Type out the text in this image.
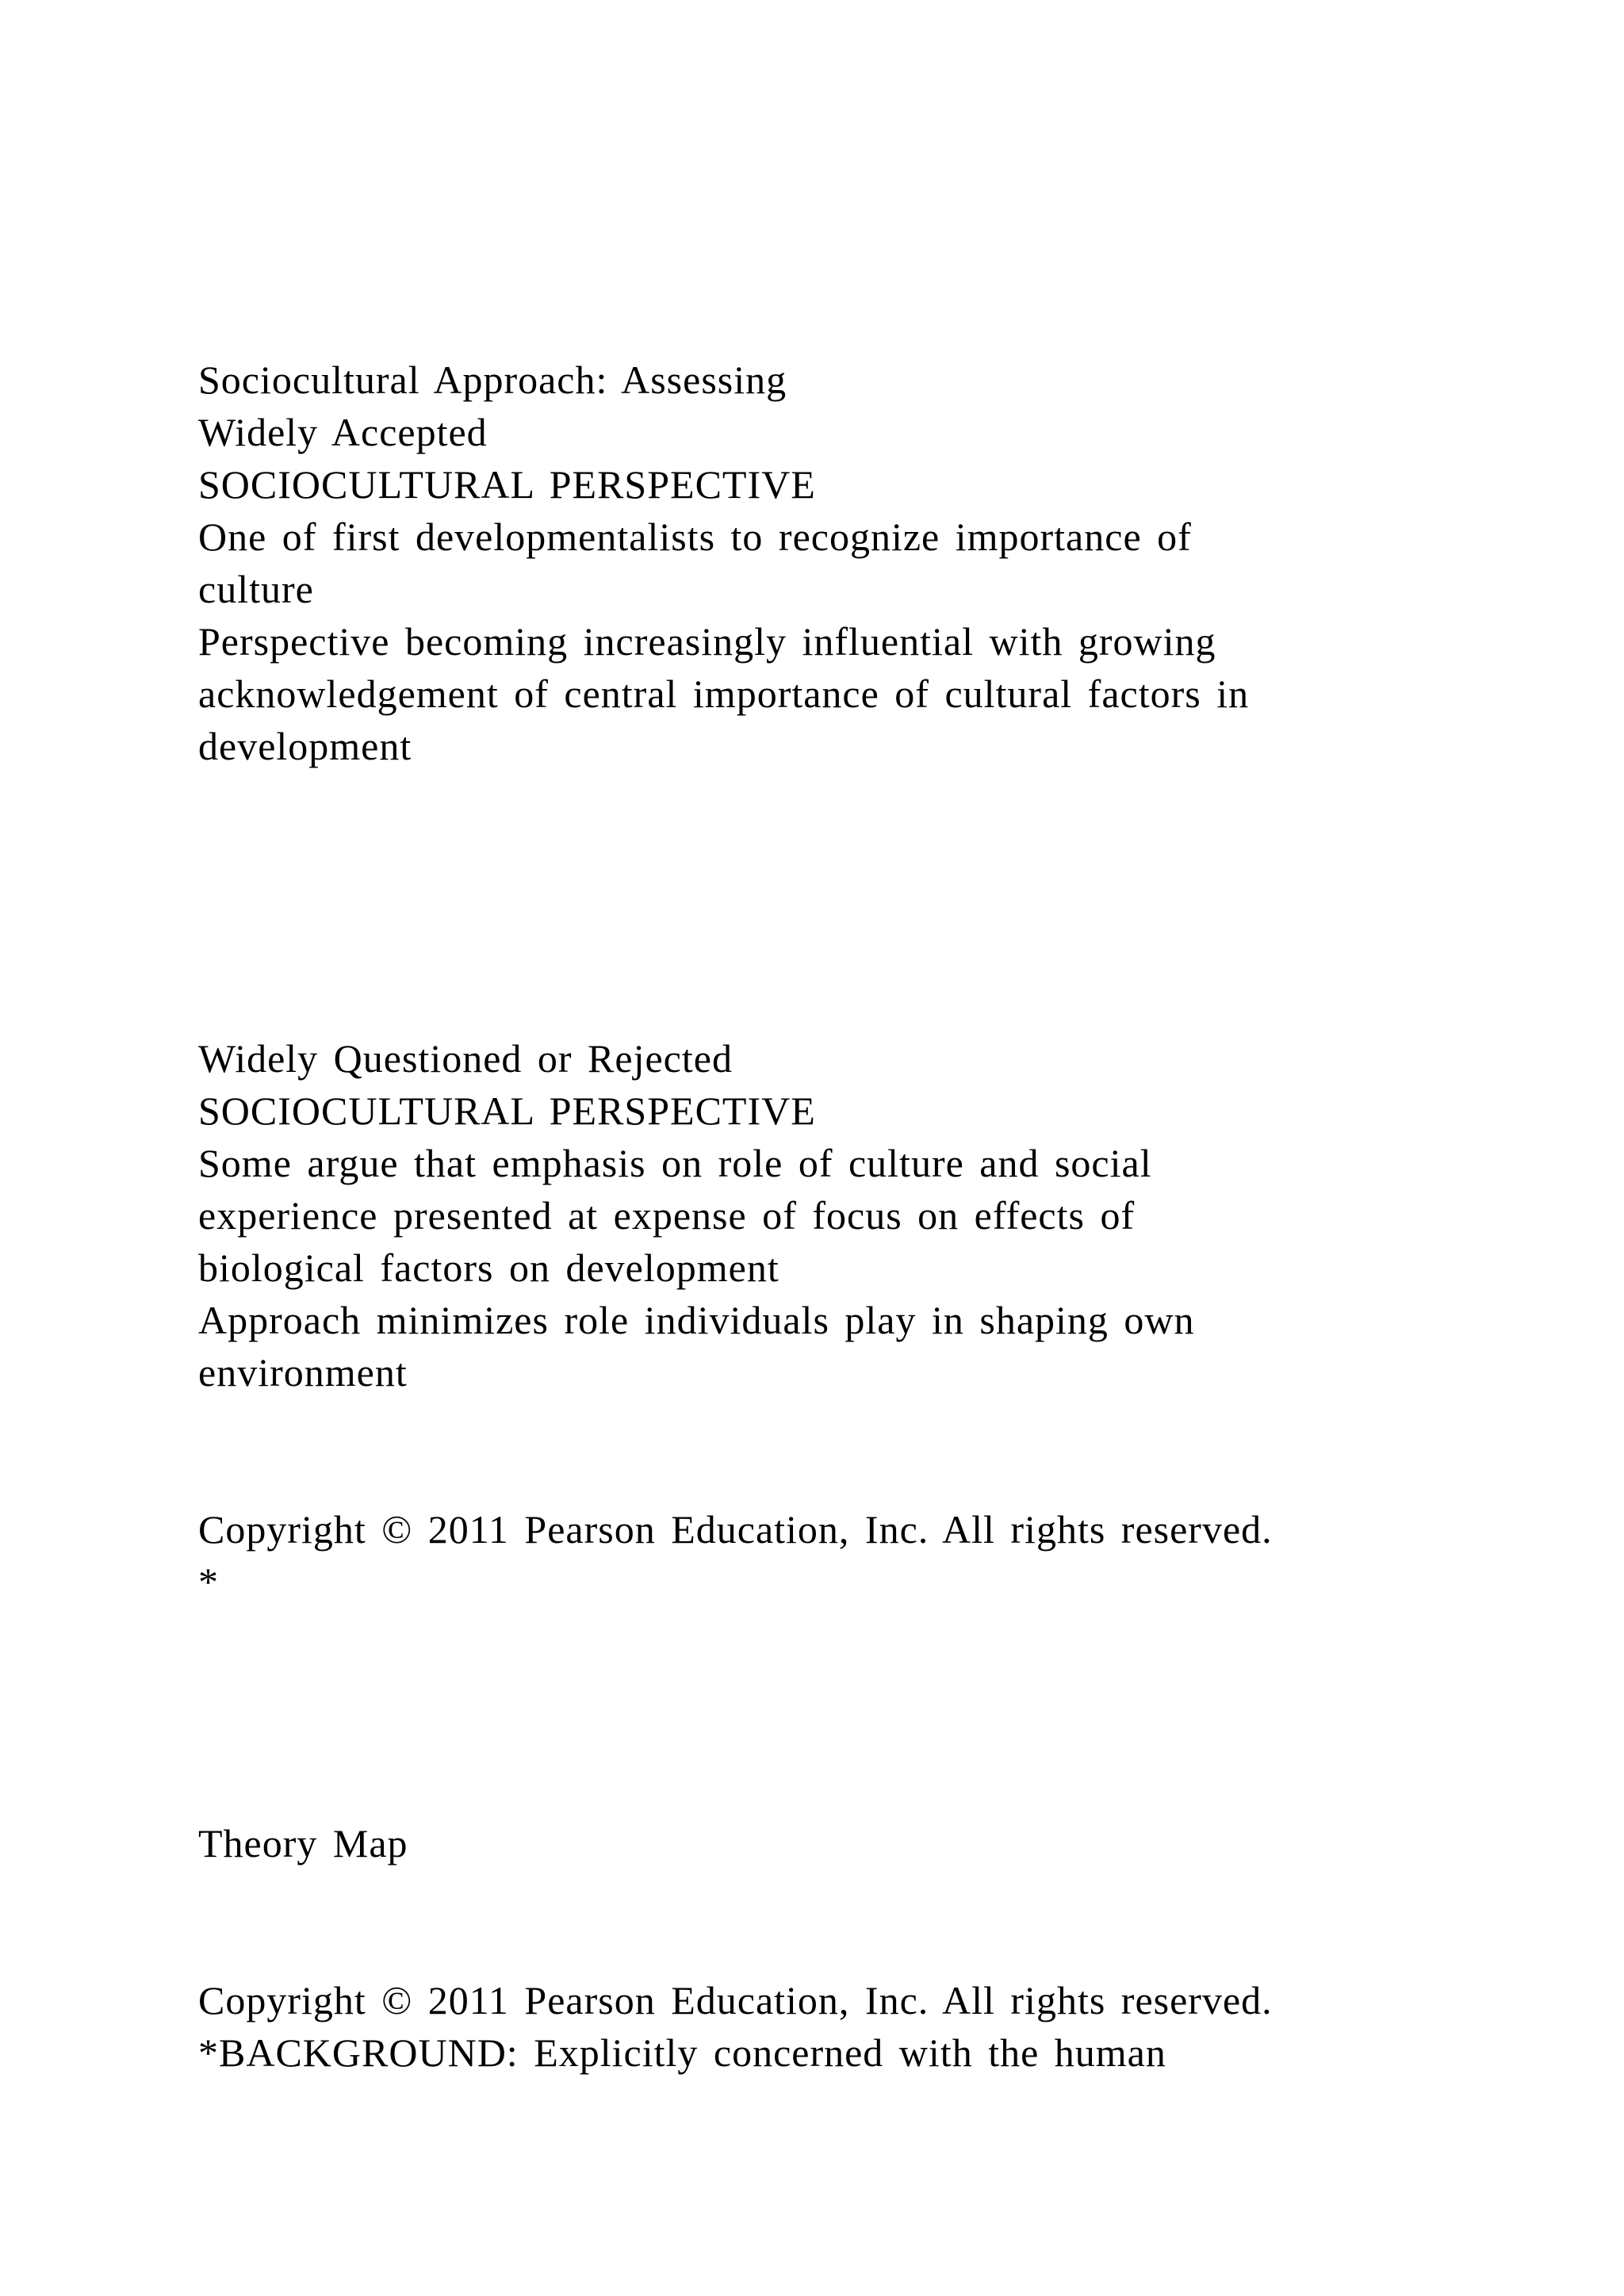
Sociocultural Approach: Assessing
Widely Accepted
SOCIOCULTURAL PERSPECTIVE
One of first developmentalists to recognize importance of
culture
Perspective becoming increasingly influential with growing
acknowledgement of central importance of cultural factors in
development
Widely Questioned or Rejected
SOCIOCULTURAL PERSPECTIVE
Some argue that emphasis on role of culture and social
experience presented at expense of focus on effects of
biological factors on development
Approach minimizes role individuals play in shaping own
environment
Copyright © 2011 Pearson Education, Inc. All rights reserved.
*
Theory Map
Copyright © 2011 Pearson Education, Inc. All rights reserved.
*BACKGROUND: Explicitly concerned with the human
